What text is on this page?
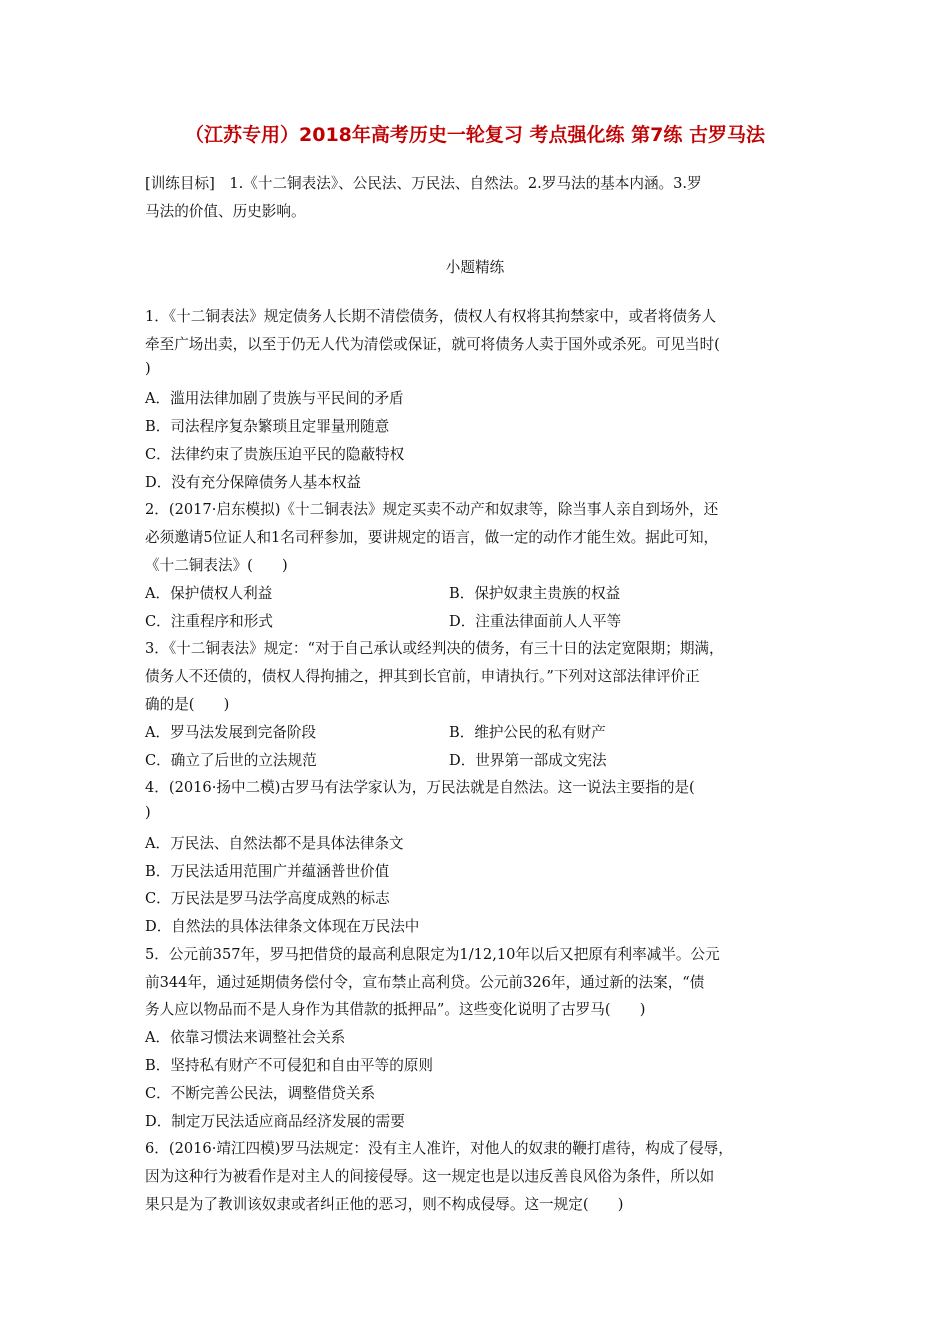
（江苏专用）2018年高考历史一轮复习 考点强化练 第7练 古罗马法
[训练目标]　1.《十二铜表法》、公民法、万民法、自然法。2.罗马法的基本内涵。3.罗
马法的价值、历史影响。
小题精练
1．《十二铜表法》规定债务人长期不清偿债务，债权人有权将其拘禁家中，或者将债务人
牵至广场出卖，以至于仍无人代为清偿或保证，就可将债务人卖于国外或杀死。可见当时(
)
A．滥用法律加剧了贵族与平民间的矛盾
B．司法程序复杂繁琐且定罪量刑随意
C．法律约束了贵族压迫平民的隐蔽特权
D．没有充分保障债务人基本权益
2．(2017·启东模拟)《十二铜表法》规定买卖不动产和奴隶等，除当事人亲自到场外，还
必须邀请5位证人和1名司秤参加，要讲规定的语言，做一定的动作才能生效。据此可知，
《十二铜表法》(　　)
A．保护债权人利益	B．保护奴隶主贵族的权益
C．注重程序和形式	D．注重法律面前人人平等
3．《十二铜表法》规定：“对于自己承认或经判决的债务，有三十日的法定宽限期；期满，
债务人不还债的，债权人得拘捕之，押其到长官前，申请执行。”下列对这部法律评价正
确的是(　　)
A．罗马法发展到完备阶段	B．维护公民的私有财产
C．确立了后世的立法规范	D．世界第一部成文宪法
4．(2016·扬中二模)古罗马有法学家认为，万民法就是自然法。这一说法主要指的是(
)
A．万民法、自然法都不是具体法律条文
B．万民法适用范围广并蕴涵普世价值
C．万民法是罗马法学高度成熟的标志
D．自然法的具体法律条文体现在万民法中
5．公元前357年，罗马把借贷的最高利息限定为1/12,10年以后又把原有利率减半。公元
前344年，通过延期债务偿付令，宣布禁止高利贷。公元前326年，通过新的法案，“债
务人应以物品而不是人身作为其借款的抵押品”。这些变化说明了古罗马(　　)
A．依靠习惯法来调整社会关系
B．坚持私有财产不可侵犯和自由平等的原则
C．不断完善公民法，调整借贷关系
D．制定万民法适应商品经济发展的需要
6．(2016·靖江四模)罗马法规定：没有主人准许，对他人的奴隶的鞭打虐待，构成了侵辱，
因为这种行为被看作是对主人的间接侵辱。这一规定也是以违反善良风俗为条件，所以如
果只是为了教训该奴隶或者纠正他的恶习，则不构成侵辱。这一规定(　　)
